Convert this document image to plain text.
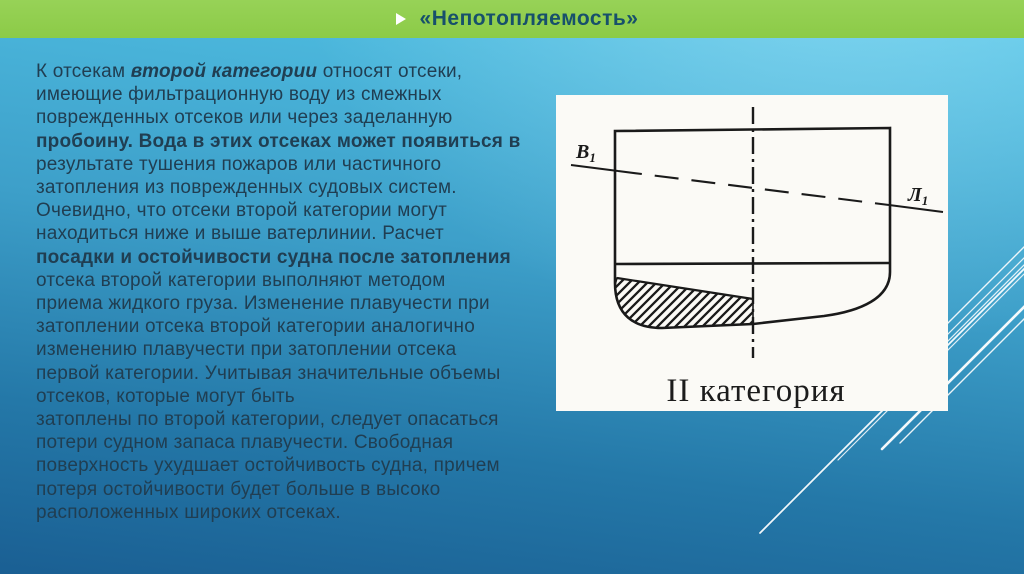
«Непотопляемость»
К отсекам второй категории относят отсеки,
имеющие фильтрационную воду из смежных
поврежденных отсеков или через заделанную
пробоину. Вода в этих отсеках может появиться в
результате тушения пожаров или частичного
затопления из поврежденных судовых систем.
Очевидно, что отсеки второй категории могут
находиться ниже и выше ватерлинии. Расчет
посадки и остойчивости судна после затопления
отсека второй категории выполняют методом
приема жидкого груза. Изменение плавучести при
затоплении отсека второй категории аналогично
изменению плавучести при затоплении отсека
первой категории. Учитывая значительные объемы
отсеков, которые могут быть
затоплены по второй категории, следует опасаться
потери судном запаса плавучести. Свободная
поверхность ухудшает остойчивость судна, причем
потеря остойчивости будет больше в высоко
расположенных широких отсеках.
$В_1$
$Л_1$
II категория
